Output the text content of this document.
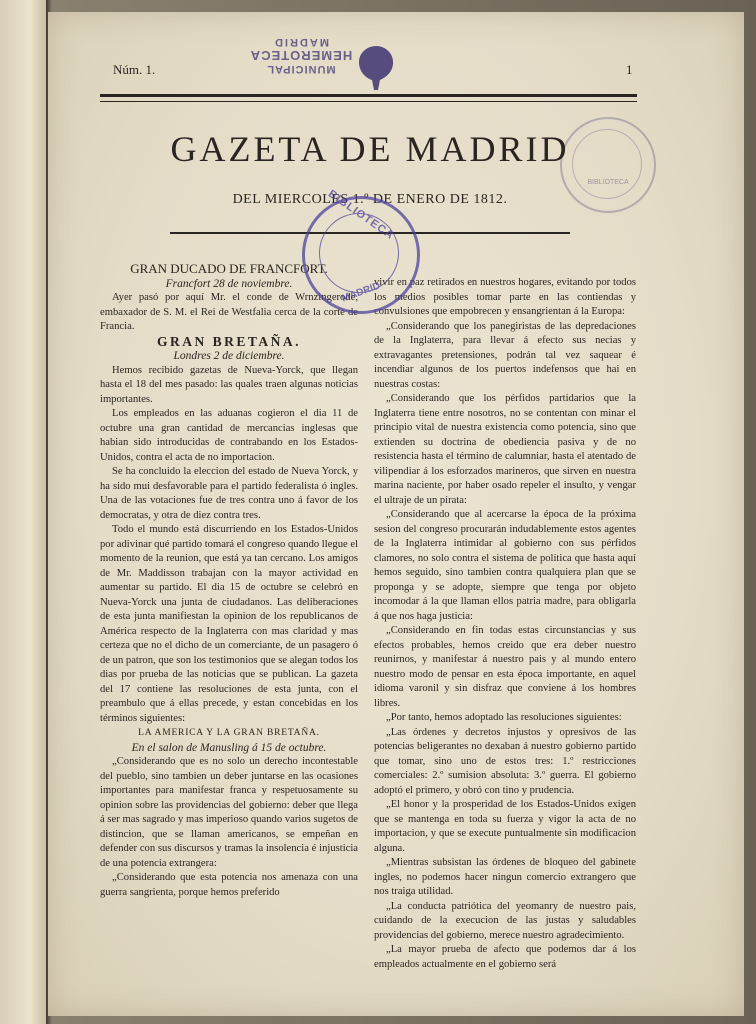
Núm. 1.	1
MADRID
HEMEROTECA
MUNICIPAL
BIBLIOTECA
GAZETA DE MADRID
DEL MIERCOLES 1.º DE ENERO DE 1812.

GRAN DUCADO DE FRANCFORT.

Francfort 28 de noviembre.

Ayer pasó por aquí Mr. el conde de Wrnzingerode, embaxador de S. M. el Rei de Westfalia cerca de la corte de Francia.

GRAN BRETAÑA.

Londres 2 de diciembre.

Hemos recibido gazetas de Nueva-Yorck, que llegan hasta el 18 del mes pasado: las quales traen algunas noticias importantes.

Los empleados en las aduanas cogieron el dia 11 de octubre una gran cantidad de mercancias inglesas que habian sido introducidas de contrabando en los Estados-Unidos, contra el acta de no importacion.

Se ha concluido la eleccion del estado de Nueva Yorck, y ha sido mui desfavorable para el partido federalista ó ingles. Una de las votaciones fue de tres contra uno á favor de los democratas, y otra de diez contra tres.

Todo el mundo está discurriendo en los Estados-Unidos por adivinar qué partido tomará el congreso quando llegue el momento de la reunion, que está ya tan cercano. Los amigos de Mr. Maddisson trabajan con la mayor actividad en aumentar su partido. El dia 15 de octubre se celebró en Nueva-Yorck una junta de ciudadanos. Las deliberaciones de esta junta manifiestan la opinion de los republicanos de América respecto de la Inglaterra con mas claridad y mas certeza que no el dicho de un comerciante, de un pasagero ó de un patron, que son los testimonios que se alegan todos los dias por prueba de las noticias que se publican. La gazeta del 17 contiene las resoluciones de esta junta, con el preambulo que á ellas precede, y estan concebidas en los términos siguientes:

LA AMERICA Y LA GRAN BRETAÑA.

En el salon de Manusling á 15 de octubre.

„Considerando que es no solo un derecho incontestable del pueblo, sino tambien un deber juntarse en las ocasiones importantes para manifestar franca y respetuosamente su opinion sobre las providencias del gobierno: deber que llega á ser mas sagrado y mas imperioso quando varios sugetos de distincion, que se llaman americanos, se empeñan en defender con sus discursos y tramas la insolencia é injusticia de una potencia extrangera:

„Considerando que esta potencia nos amenaza con una guerra sangrienta, porque hemos preferido

vivir en paz retirados en nuestros hogares, evitando por todos los medios posibles tomar parte en las contiendas y convulsiones que empobrecen y ensangrientan á la Europa:

„Considerando que los panegiristas de las depredaciones de la Inglaterra, para llevar á efecto sus necias y extravagantes pretensiones, podrán tal vez saquear é incendiar algunos de los puertos indefensos que hai en nuestras costas:

„Considerando que los pérfidos partidarios que la Inglaterra tiene entre nosotros, no se contentan con minar el principio vital de nuestra existencia como potencia, sino que extienden su doctrina de obediencia pasiva y de no resistencia hasta el término de calumniar, hasta el atentado de vilipendiar á los esforzados marineros, que sirven en nuestra marina naciente, por haber osado repeler el insulto, y vengar el ultraje de un pirata:

„Considerando que al acercarse la época de la próxima sesion del congreso procurarán indudablemente estos agentes de la Inglaterra intimidar al gobierno con sus pérfidos clamores, no solo contra el sistema de política que hasta aquí hemos seguido, sino tambien contra qualquiera plan que se proponga y se adopte, siempre que tenga por objeto incomodar á la que llaman ellos patria madre, para obligarla á que nos haga justicia:

„Considerando en fin todas estas circunstancias y sus efectos probables, hemos creido que era deber nuestro reunirnos, y manifestar á nuestro pais y al mundo entero nuestro modo de pensar en esta época importante, en aquel idioma varonil y sin disfraz que conviene á los hombres libres.

„Por tanto, hemos adoptado las resoluciones siguientes:

„Las órdenes y decretos injustos y opresivos de las potencias beligerantes no dexaban á nuestro gobierno partido que tomar, sino uno de estos tres: 1.º restricciones comerciales: 2.º sumision absoluta: 3.º guerra. El gobierno adoptó el primero, y obró con tino y prudencia.

„El honor y la prosperidad de los Estados-Unidos exigen que se mantenga en toda su fuerza y vigor la acta de no importacion, y que se execute puntualmente sin modificacion alguna.

„Mientras subsistan las órdenes de bloqueo del gabinete ingles, no podemos hacer ningun comercio extrangero que nos traiga utilidad.

„La conducta patriótica del yeomanry de nuestro pais, cuidando de la execucion de las justas y saludables providencias del gobierno, merece nuestro agradecimiento.

„La mayor prueba de afecto que podemos dar á los empleados actualmente en el gobierno será

BIBLIOTECA
MADRID
